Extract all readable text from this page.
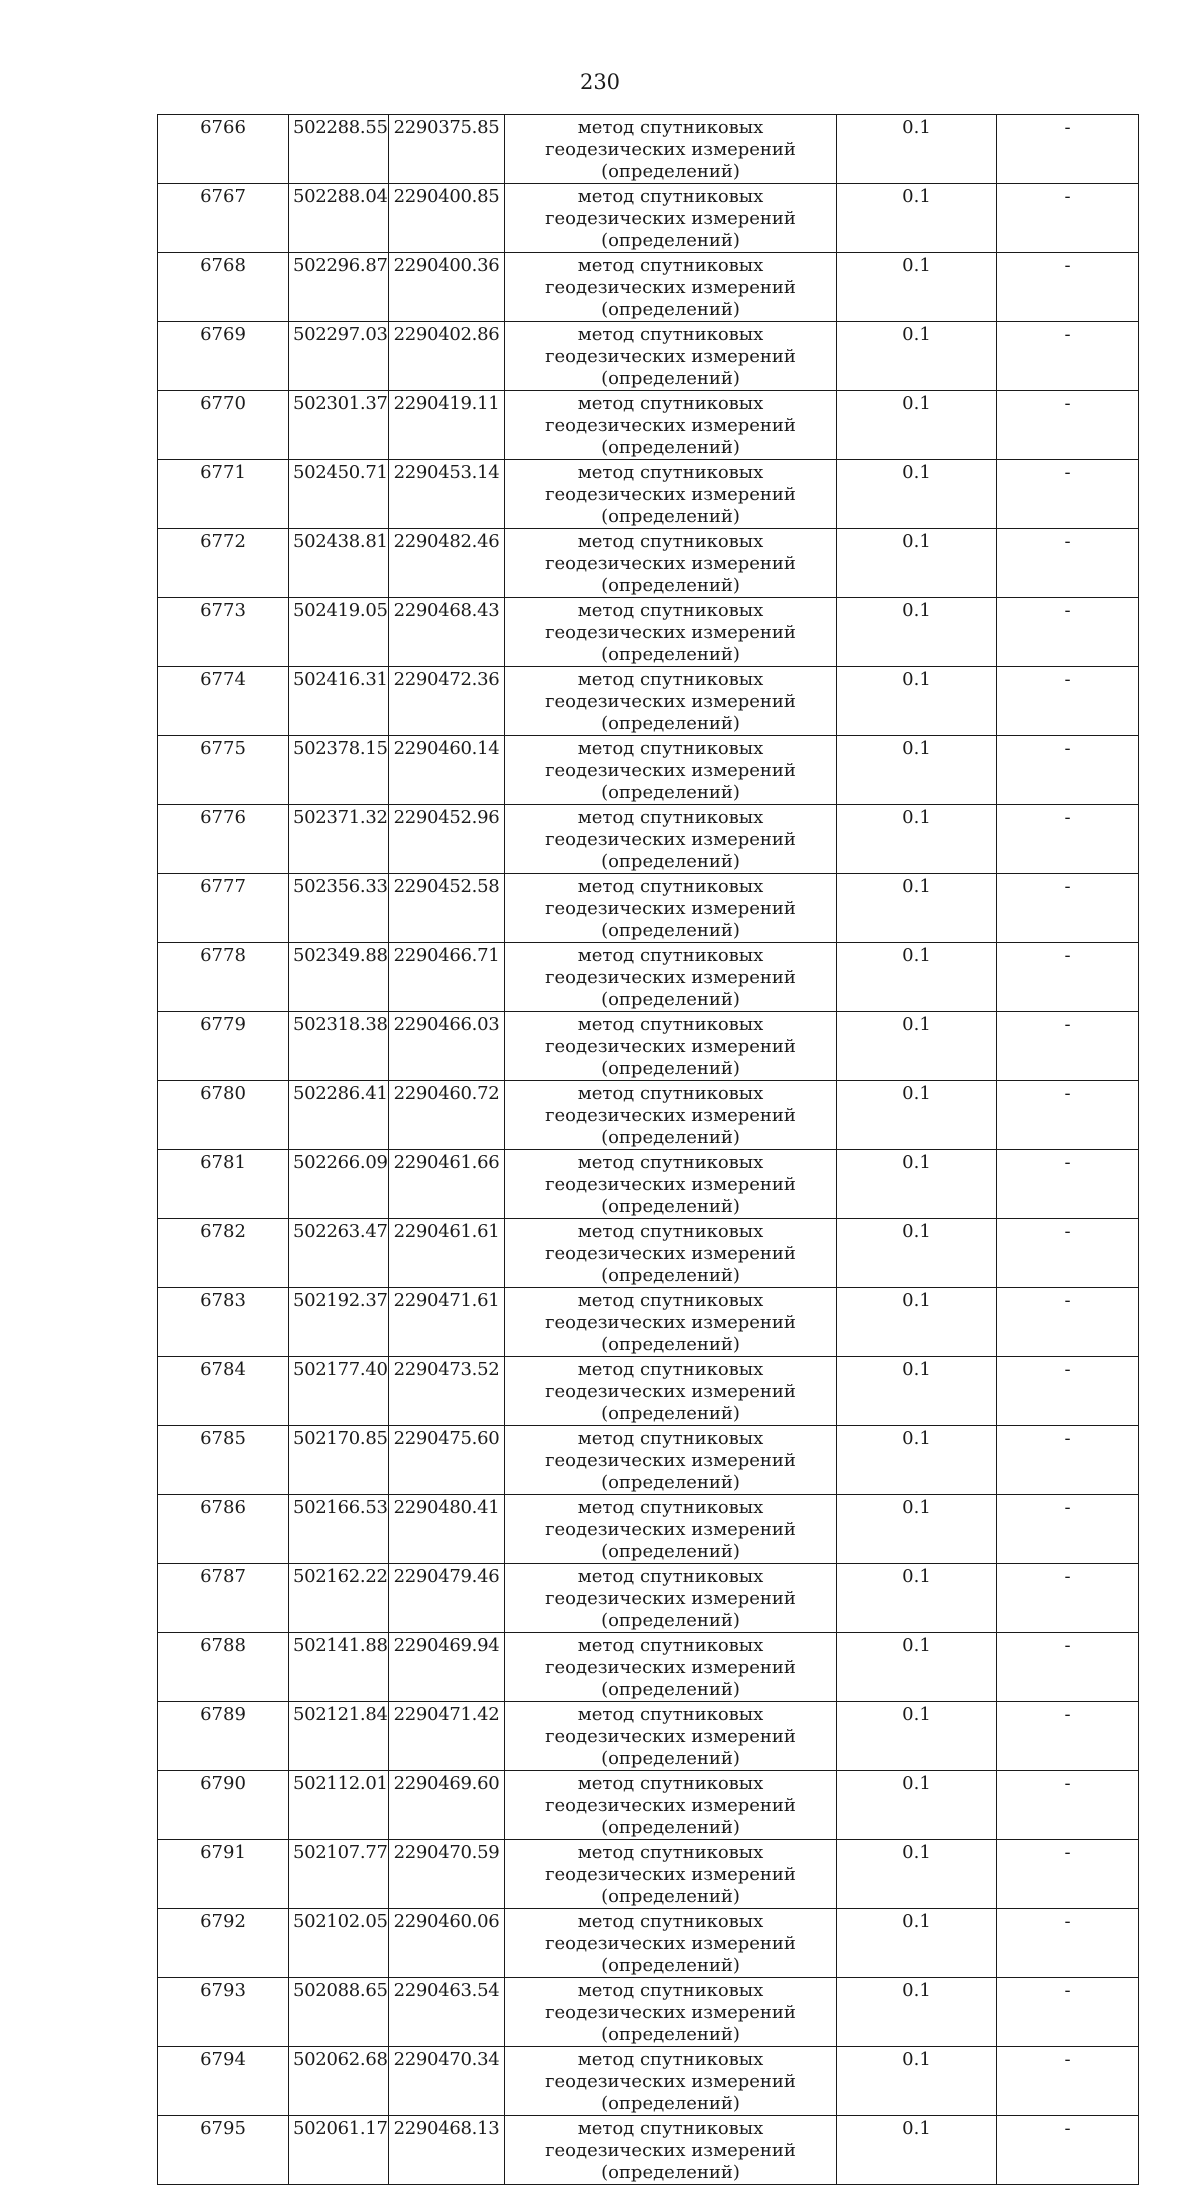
230
6766	502288.55	2290375.85	метод спутниковых геодезических измерений (определений)	0.1	-
6767	502288.04	2290400.85	метод спутниковых геодезических измерений (определений)	0.1	-
6768	502296.87	2290400.36	метод спутниковых геодезических измерений (определений)	0.1	-
6769	502297.03	2290402.86	метод спутниковых геодезических измерений (определений)	0.1	-
6770	502301.37	2290419.11	метод спутниковых геодезических измерений (определений)	0.1	-
6771	502450.71	2290453.14	метод спутниковых геодезических измерений (определений)	0.1	-
6772	502438.81	2290482.46	метод спутниковых геодезических измерений (определений)	0.1	-
6773	502419.05	2290468.43	метод спутниковых геодезических измерений (определений)	0.1	-
6774	502416.31	2290472.36	метод спутниковых геодезических измерений (определений)	0.1	-
6775	502378.15	2290460.14	метод спутниковых геодезических измерений (определений)	0.1	-
6776	502371.32	2290452.96	метод спутниковых геодезических измерений (определений)	0.1	-
6777	502356.33	2290452.58	метод спутниковых геодезических измерений (определений)	0.1	-
6778	502349.88	2290466.71	метод спутниковых геодезических измерений (определений)	0.1	-
6779	502318.38	2290466.03	метод спутниковых геодезических измерений (определений)	0.1	-
6780	502286.41	2290460.72	метод спутниковых геодезических измерений (определений)	0.1	-
6781	502266.09	2290461.66	метод спутниковых геодезических измерений (определений)	0.1	-
6782	502263.47	2290461.61	метод спутниковых геодезических измерений (определений)	0.1	-
6783	502192.37	2290471.61	метод спутниковых геодезических измерений (определений)	0.1	-
6784	502177.40	2290473.52	метод спутниковых геодезических измерений (определений)	0.1	-
6785	502170.85	2290475.60	метод спутниковых геодезических измерений (определений)	0.1	-
6786	502166.53	2290480.41	метод спутниковых геодезических измерений (определений)	0.1	-
6787	502162.22	2290479.46	метод спутниковых геодезических измерений (определений)	0.1	-
6788	502141.88	2290469.94	метод спутниковых геодезических измерений (определений)	0.1	-
6789	502121.84	2290471.42	метод спутниковых геодезических измерений (определений)	0.1	-
6790	502112.01	2290469.60	метод спутниковых геодезических измерений (определений)	0.1	-
6791	502107.77	2290470.59	метод спутниковых геодезических измерений (определений)	0.1	-
6792	502102.05	2290460.06	метод спутниковых геодезических измерений (определений)	0.1	-
6793	502088.65	2290463.54	метод спутниковых геодезических измерений (определений)	0.1	-
6794	502062.68	2290470.34	метод спутниковых геодезических измерений (определений)	0.1	-
6795	502061.17	2290468.13	метод спутниковых геодезических измерений (определений)	0.1	-
